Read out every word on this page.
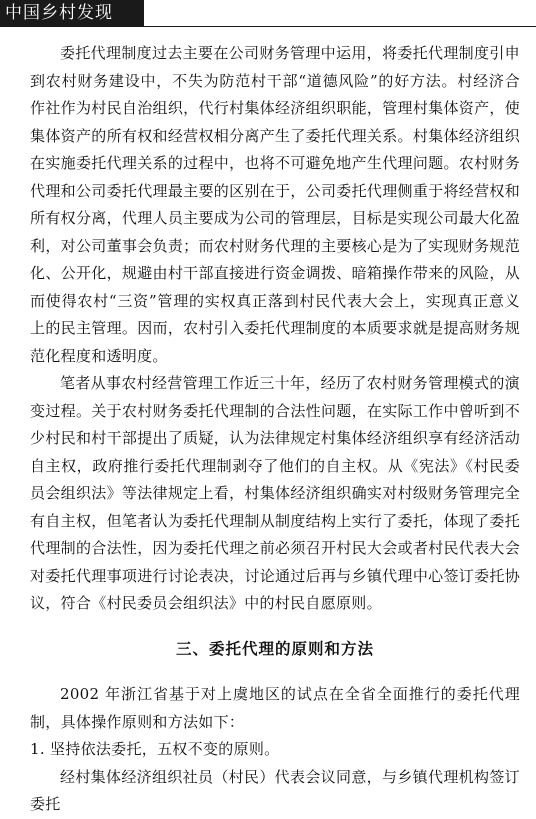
中国乡村发现

委托代理制度过去主要在公司财务管理中运用，将委托代理制度引申到农村财务建设中，不失为防范村干部“道德风险”的好方法。村经济合作社作为村民自治组织，代行村集体经济组织职能，管理村集体资产，使集体资产的所有权和经营权相分离产生了委托代理关系。村集体经济组织在实施委托代理关系的过程中，也将不可避免地产生代理问题。农村财务代理和公司委托代理最主要的区别在于，公司委托代理侧重于将经营权和所有权分离，代理人员主要成为公司的管理层，目标是实现公司最大化盈利，对公司董事会负责；而农村财务代理的主要核心是为了实现财务规范化、公开化，规避由村干部直接进行资金调拨、暗箱操作带来的风险，从而使得农村“三资”管理的实权真正落到村民代表大会上，实现真正意义上的民主管理。因而，农村引入委托代理制度的本质要求就是提高财务规范化程度和透明度。

笔者从事农村经营管理工作近三十年，经历了农村财务管理模式的演变过程。关于农村财务委托代理制的合法性问题，在实际工作中曾听到不少村民和村干部提出了质疑，认为法律规定村集体经济组织享有经济活动自主权，政府推行委托代理制剥夺了他们的自主权。从《宪法》《村民委员会组织法》等法律规定上看，村集体经济组织确实对村级财务管理完全有自主权，但笔者认为委托代理制从制度结构上实行了委托，体现了委托代理制的合法性，因为委托代理之前必须召开村民大会或者村民代表大会对委托代理事项进行讨论表决，讨论通过后再与乡镇代理中心签订委托协议，符合《村民委员会组织法》中的村民自愿原则。

三、委托代理的原则和方法

2002 年浙江省基于对上虞地区的试点在全省全面推行的委托代理制，具体操作原则和方法如下：

1. 坚持依法委托，五权不变的原则。

经村集体经济组织社员（村民）代表会议同意，与乡镇代理机构签订委托
